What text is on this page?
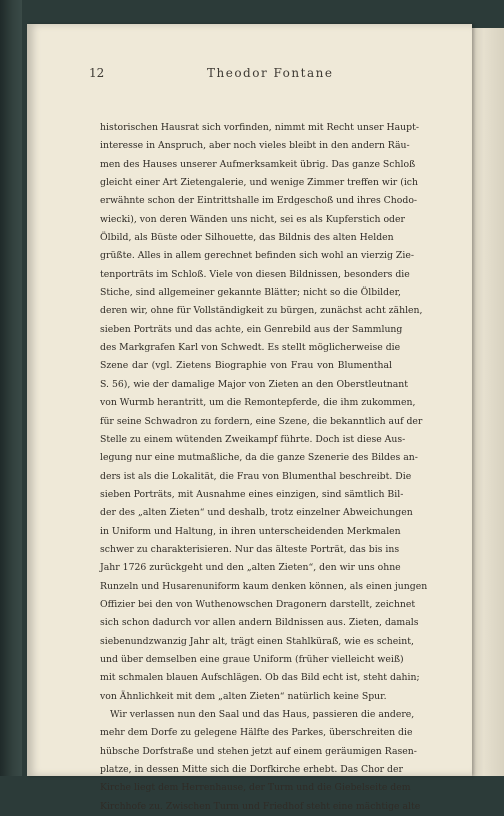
12	Theodor Fontane
historischen Hausrat sich vorfinden, nimmt mit Recht unser Haupt-
interesse in Anspruch, aber noch vieles bleibt in den andern Räu-
men des Hauses unserer Aufmerksamkeit übrig. Das ganze Schloß
gleicht einer Art Zietengalerie, und wenige Zimmer treffen wir (ich
erwähnte schon der Eintrittshalle im Erdgeschoß und ihres Chodo-
wiecki), von deren Wänden uns nicht, sei es als Kupferstich oder
Ölbild, als Büste oder Silhouette, das Bildnis des alten Helden
grüßte. Alles in allem gerechnet befinden sich wohl an vierzig Zie-
tenporträts im Schloß. Viele von diesen Bildnissen, besonders die
Stiche, sind allgemeiner gekannte Blätter; nicht so die Ölbilder,
deren wir, ohne für Vollständigkeit zu bürgen, zunächst acht zählen,
sieben Porträts und das achte, ein Genrebild aus der Sammlung
des Markgrafen Karl von Schwedt. Es stellt möglicherweise die
Szene dar (vgl. Zietens Biographie von Frau von Blumenthal
S. 56), wie der damalige Major von Zieten an den Oberstleutnant
von Wurmb herantritt, um die Remontepferde, die ihm zukommen,
für seine Schwadron zu fordern, eine Szene, die bekanntlich auf der
Stelle zu einem wütenden Zweikampf führte. Doch ist diese Aus-
legung nur eine mutmaßliche, da die ganze Szenerie des Bildes an-
ders ist als die Lokalität, die Frau von Blumenthal beschreibt. Die
sieben Porträts, mit Ausnahme eines einzigen, sind sämtlich Bil-
der des „alten Zieten“ und deshalb, trotz einzelner Abweichungen
in Uniform und Haltung, in ihren unterscheidenden Merkmalen
schwer zu charakterisieren. Nur das älteste Porträt, das bis ins
Jahr 1726 zurückgeht und den „alten Zieten“, den wir uns ohne
Runzeln und Husarenuniform kaum denken können, als einen jungen
Offizier bei den von Wuthenowschen Dragonern darstellt, zeichnet
sich schon dadurch vor allen andern Bildnissen aus. Zieten, damals
siebenundzwanzig Jahr alt, trägt einen Stahlküraß, wie es scheint,
und über demselben eine graue Uniform (früher vielleicht weiß)
mit schmalen blauen Aufschlägen. Ob das Bild echt ist, steht dahin;
von Ähnlichkeit mit dem „alten Zieten“ natürlich keine Spur.
Wir verlassen nun den Saal und das Haus, passieren die andere,
mehr dem Dorfe zu gelegene Hälfte des Parkes, überschreiten die
hübsche Dorfstraße und stehen jetzt auf einem geräumigen Rasen-
platze, in dessen Mitte sich die Dorfkirche erhebt. Das Chor der
Kirche liegt dem Herrenhause, der Turm und die Giebelseite dem
Kirchhofe zu. Zwischen Turm und Friedhof steht eine mächtige alte
